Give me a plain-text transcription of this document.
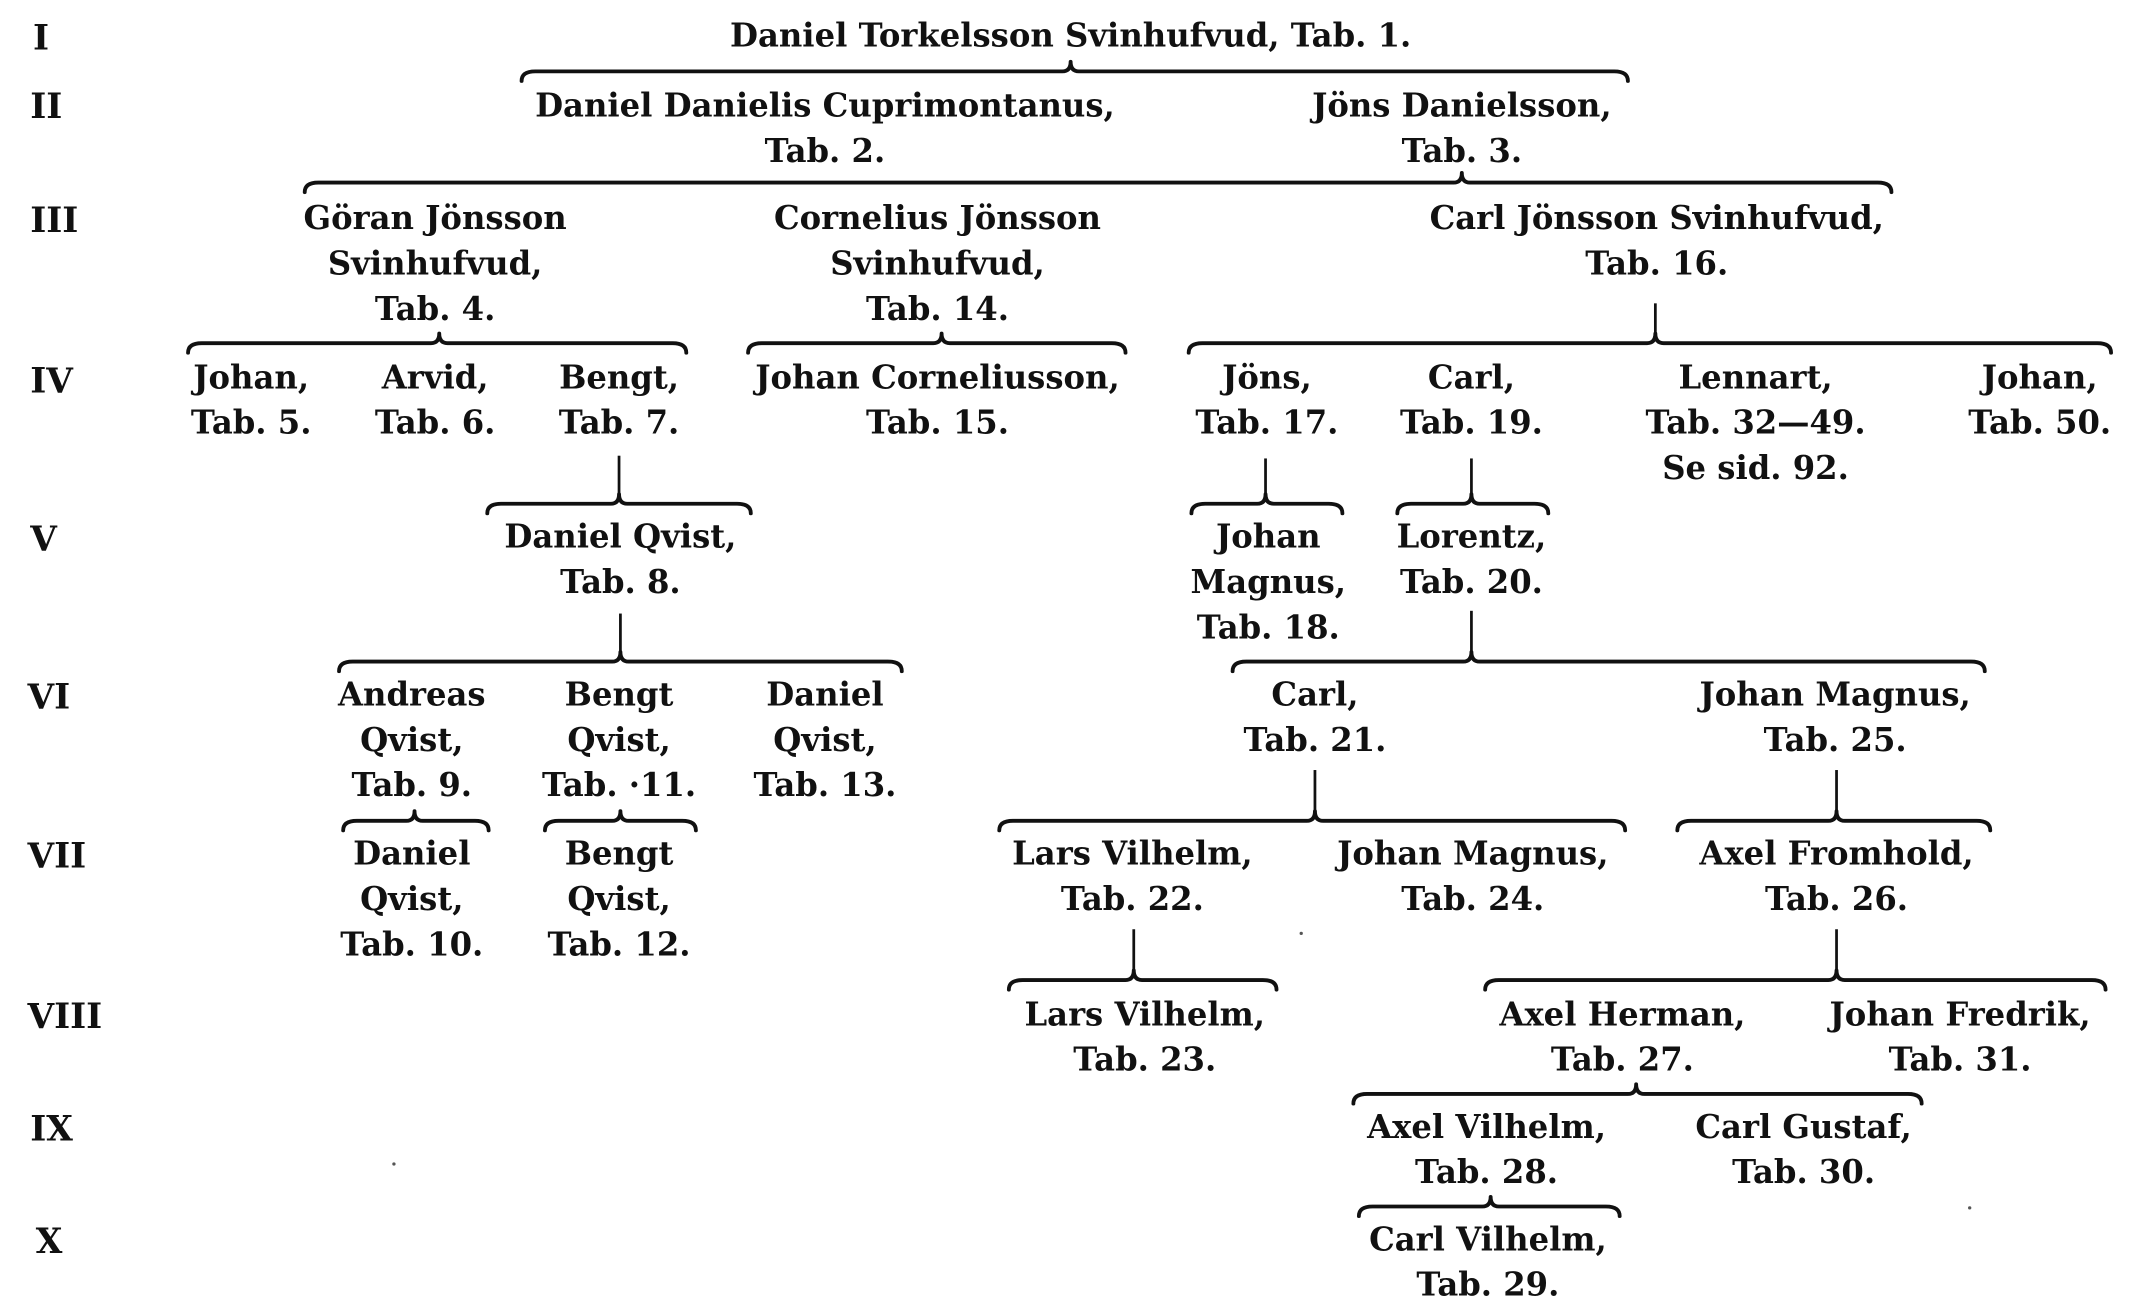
I
II
III
IV
V
VI
VII
VIII
IX
X
Daniel Torkelsson Svinhufvud, Tab. 1.
Daniel Danielis Cuprimontanus,
Tab. 2.
Jöns Danielsson,
Tab. 3.
Göran Jönsson
Svinhufvud,
Tab. 4.
Cornelius Jönsson
Svinhufvud,
Tab. 14.
Carl Jönsson Svinhufvud,
Tab. 16.
Johan,
Tab. 5.
Arvid,
Tab. 6.
Bengt,
Tab. 7.
Johan Corneliusson,
Tab. 15.
Jöns,
Tab. 17.
Carl,
Tab. 19.
Lennart,
Tab. 32—49.
Se sid. 92.
Johan,
Tab. 50.
Daniel Qvist,
Tab. 8.
Johan
Magnus,
Tab. 18.
Lorentz,
Tab. 20.
Andreas
Qvist,
Tab. 9.
Bengt
Qvist,
Tab. ·11.
Daniel
Qvist,
Tab. 13.
Carl,
Tab. 21.
Johan Magnus,
Tab. 25.
Daniel
Qvist,
Tab. 10.
Bengt
Qvist,
Tab. 12.
Lars Vilhelm,
Tab. 22.
Johan Magnus,
Tab. 24.
Axel Fromhold,
Tab. 26.
Lars Vilhelm,
Tab. 23.
Axel Herman,
Tab. 27.
Johan Fredrik,
Tab. 31.
Axel Vilhelm,
Tab. 28.
Carl Gustaf,
Tab. 30.
Carl Vilhelm,
Tab. 29.
